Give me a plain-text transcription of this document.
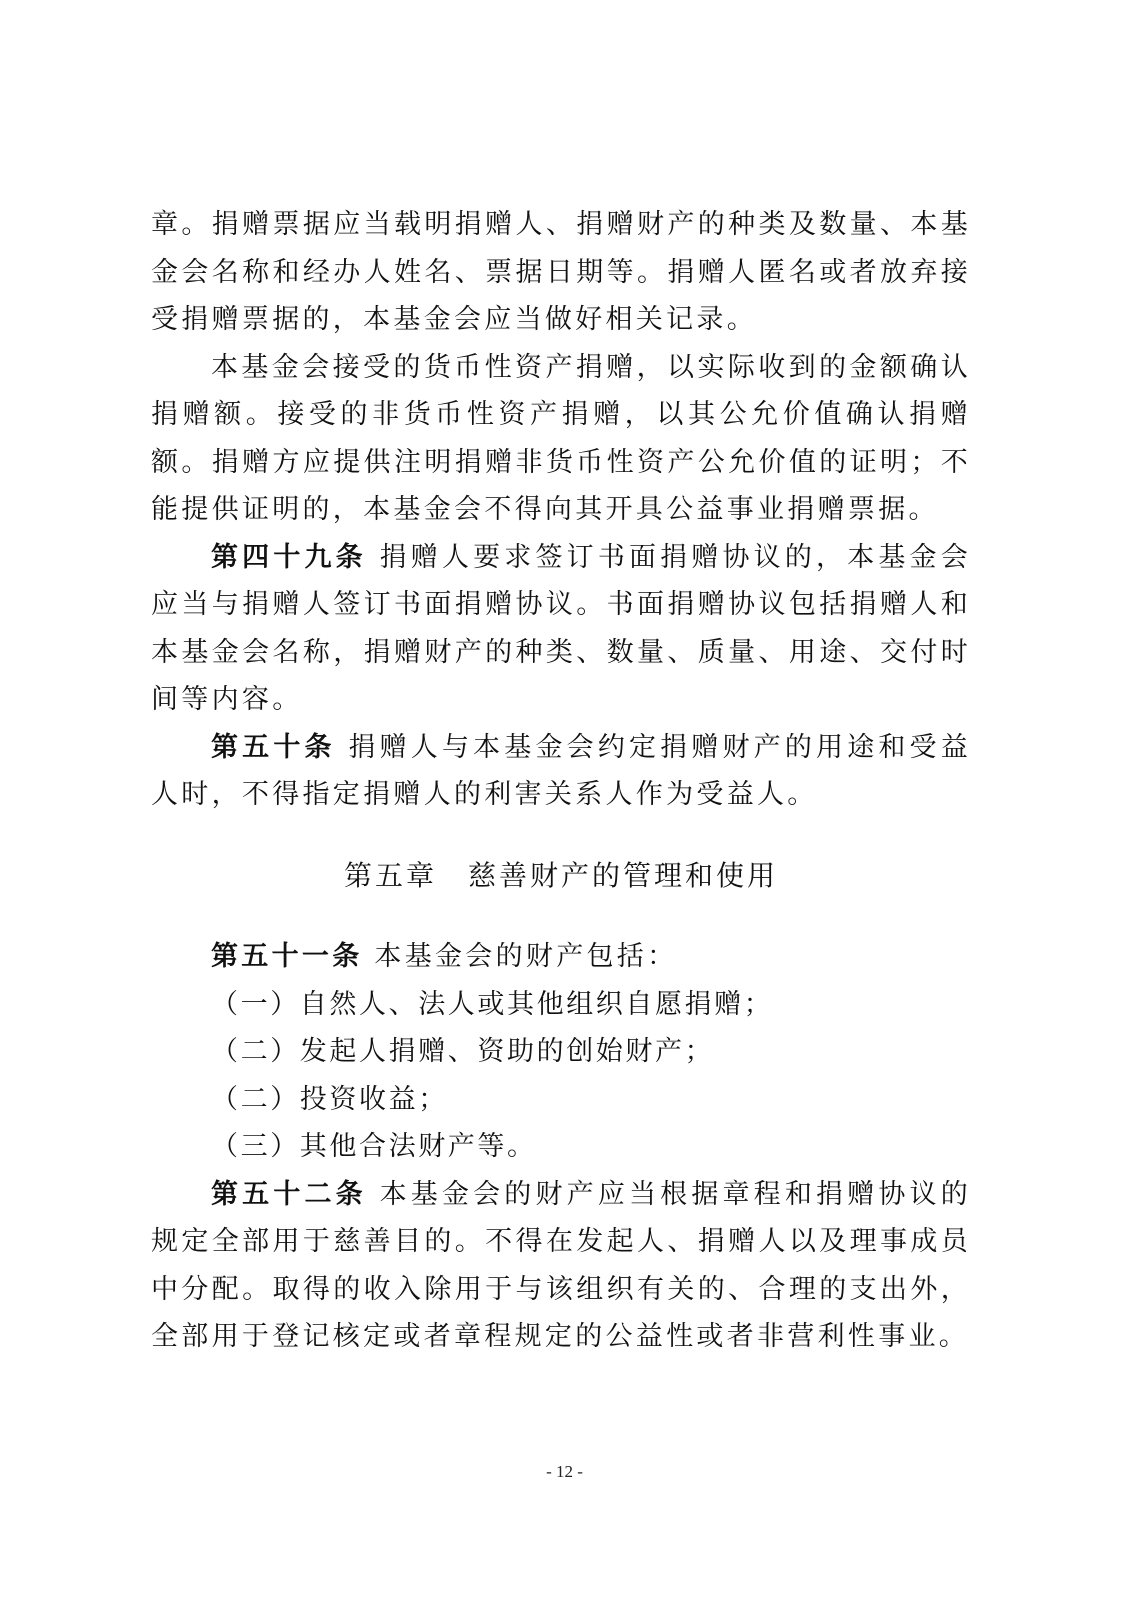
章。捐赠票据应当载明捐赠人、捐赠财产的种类及数量、本基金会名称和经办人姓名、票据日期等。捐赠人匿名或者放弃接受捐赠票据的，本基金会应当做好相关记录。

本基金会接受的货币性资产捐赠，以实际收到的金额确认捐赠额。接受的非货币性资产捐赠，以其公允价值确认捐赠额。捐赠方应提供注明捐赠非货币性资产公允价值的证明；不能提供证明的，本基金会不得向其开具公益事业捐赠票据。

第四十九条 捐赠人要求签订书面捐赠协议的，本基金会应当与捐赠人签订书面捐赠协议。书面捐赠协议包括捐赠人和本基金会名称，捐赠财产的种类、数量、质量、用途、交付时间等内容。

第五十条 捐赠人与本基金会约定捐赠财产的用途和受益人时，不得指定捐赠人的利害关系人作为受益人。

第五章　慈善财产的管理和使用

第五十一条 本基金会的财产包括：

（一）自然人、法人或其他组织自愿捐赠；

（二）发起人捐赠、资助的创始财产；

（二）投资收益；

（三）其他合法财产等。

第五十二条 本基金会的财产应当根据章程和捐赠协议的规定全部用于慈善目的。不得在发起人、捐赠人以及理事成员中分配。取得的收入除用于与该组织有关的、合理的支出外，全部用于登记核定或者章程规定的公益性或者非营利性事业。

- 12 -
